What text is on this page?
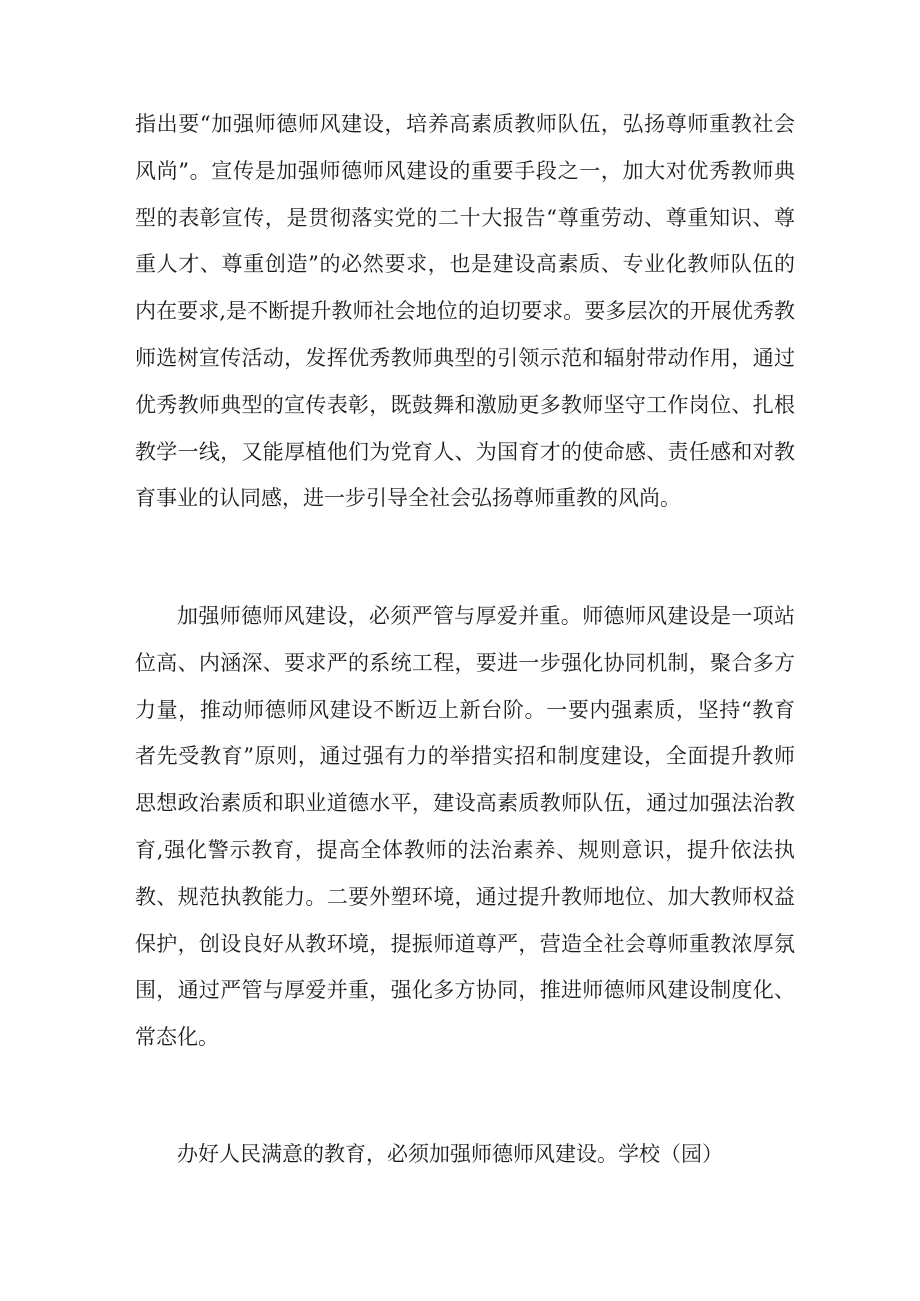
指出要“加强师德师风建设，培养高素质教师队伍，弘扬尊师重教社会风尚”。宣传是加强师德师风建设的重要手段之一，加大对优秀教师典型的表彰宣传，是贯彻落实党的二十大报告“尊重劳动、尊重知识、尊重人才、尊重创造”的必然要求，也是建设高素质、专业化教师队伍的内在要求,是不断提升教师社会地位的迫切要求。要多层次的开展优秀教师选树宣传活动，发挥优秀教师典型的引领示范和辐射带动作用，通过优秀教师典型的宣传表彰，既鼓舞和激励更多教师坚守工作岗位、扎根教学一线，又能厚植他们为党育人、为国育才的使命感、责任感和对教育事业的认同感，进一步引导全社会弘扬尊师重教的风尚。

加强师德师风建设，必须严管与厚爱并重。师德师风建设是一项站位高、内涵深、要求严的系统工程，要进一步强化协同机制，聚合多方力量，推动师德师风建设不断迈上新台阶。一要内强素质，坚持“教育者先受教育”原则，通过强有力的举措实招和制度建设，全面提升教师思想政治素质和职业道德水平，建设高素质教师队伍，通过加强法治教育,强化警示教育，提高全体教师的法治素养、规则意识，提升依法执教、规范执教能力。二要外塑环境，通过提升教师地位、加大教师权益保护，创设良好从教环境，提振师道尊严，营造全社会尊师重教浓厚氛围，通过严管与厚爱并重，强化多方协同，推进师德师风建设制度化、常态化。

办好人民满意的教育，必须加强师德师风建设。学校（园）
